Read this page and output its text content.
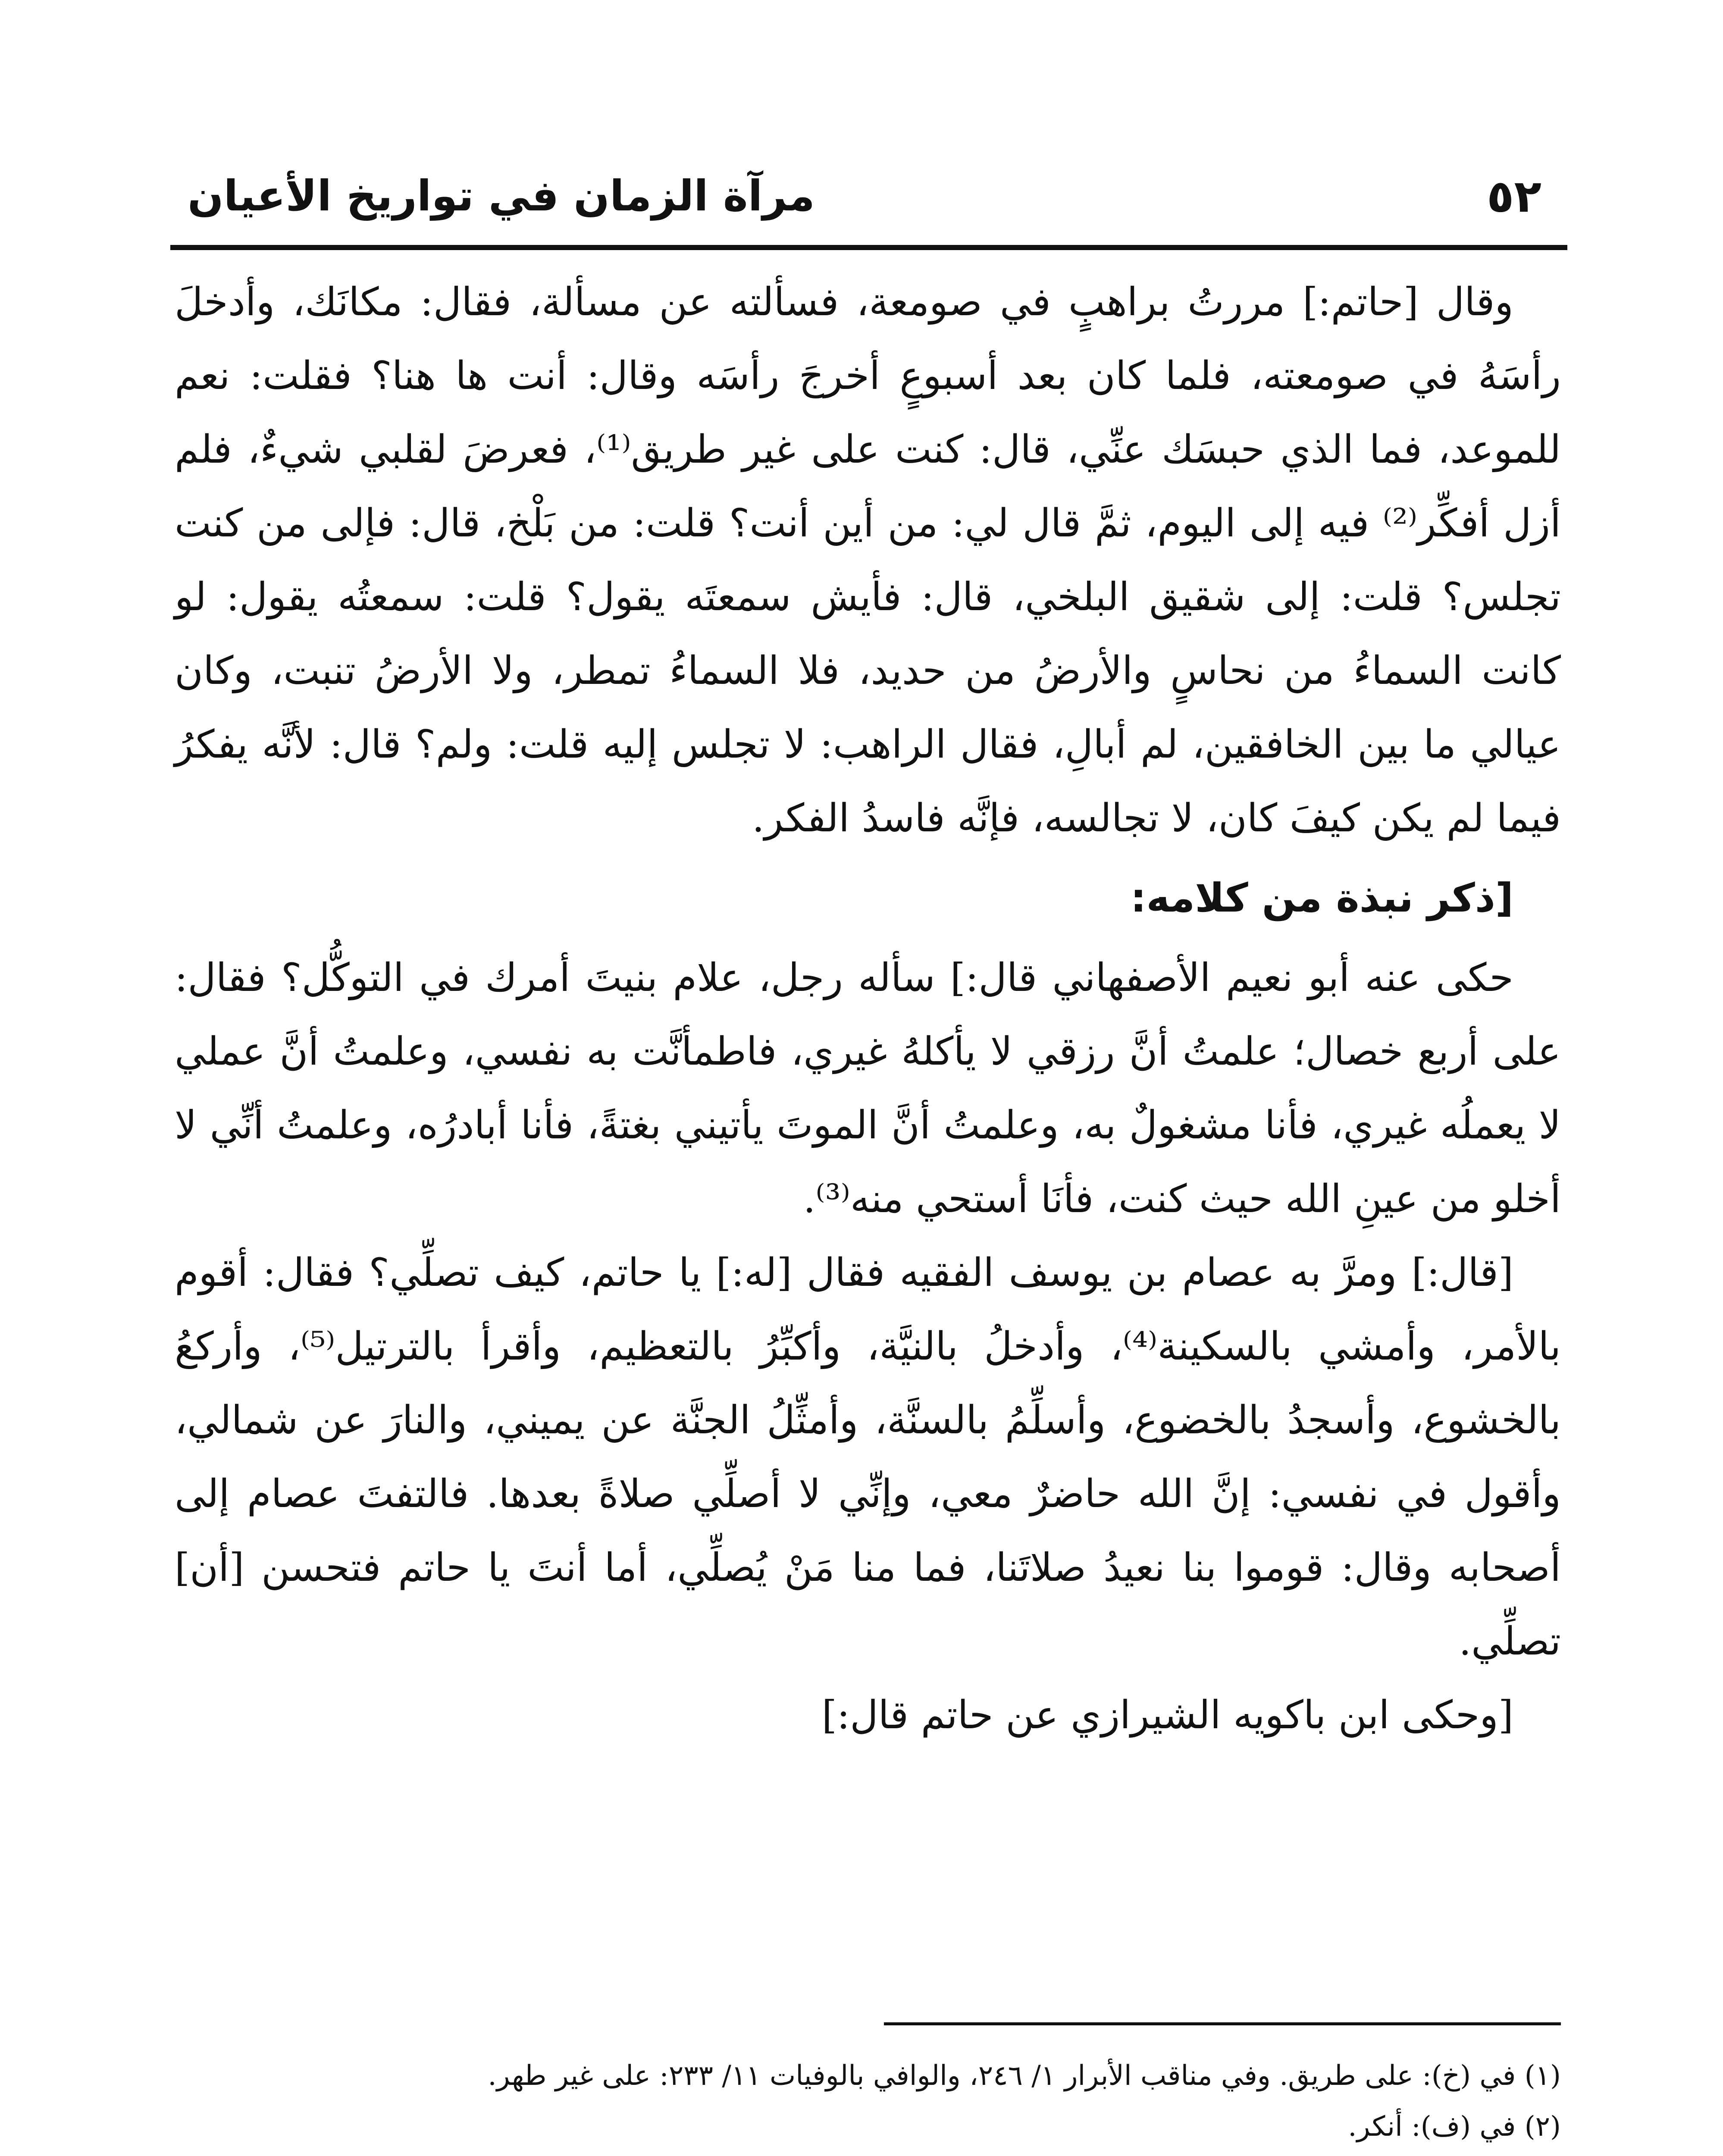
٥٢
مرآة الزمان في تواريخ الأعيان

وقال [حاتم:] مررتُ براهبٍ في صومعة، فسألته عن مسألة، فقال: مكانَك، وأدخلَ رأسَهُ في صومعته، فلما كان بعد أسبوعٍ أخرجَ رأسَه وقال: أنت ها هنا؟ فقلت: نعم للموعد، فما الذي حبسَك عنِّي، قال: كنت على غير طريق⁽¹⁾، فعرضَ لقلبي شيءٌ، فلم أزل أفكِّر⁽²⁾ فيه إلى اليوم، ثمَّ قال لي: من أين أنت؟ قلت: من بَلْخ، قال: فإلى من كنت تجلس؟ قلت: إلى شقيق البلخي، قال: فأيش سمعتَه يقول؟ قلت: سمعتُه يقول: لو كانت السماءُ من نحاسٍ والأرضُ من حديد، فلا السماءُ تمطر، ولا الأرضُ تنبت، وكان عيالي ما بين الخافقين، لم أبالِ، فقال الراهب: لا تجلس إليه قلت: ولم؟ قال: لأنَّه يفكرُ فيما لم يكن كيفَ كان، لا تجالسه، فإنَّه فاسدُ الفكر.

[ذكر نبذة من كلامه:

حكى عنه أبو نعيم الأصفهاني قال:] سأله رجل، علام بنيتَ أمرك في التوكُّل؟ فقال: على أربع خصال؛ علمتُ أنَّ رزقي لا يأكلهُ غيري، فاطمأنَّت به نفسي، وعلمتُ أنَّ عملي لا يعملُه غيري، فأنا مشغولٌ به، وعلمتُ أنَّ الموتَ يأتيني بغتةً، فأنا أبادرُه، وعلمتُ أنِّي لا أخلو من عينِ الله حيث كنت، فأنَا أستحي منه⁽³⁾.

[قال:] ومرَّ به عصام بن يوسف الفقيه فقال [له:] يا حاتم، كيف تصلِّي؟ فقال: أقوم بالأمر، وأمشي بالسكينة⁽⁴⁾، وأدخلُ بالنيَّة، وأكبِّرُ بالتعظيم، وأقرأ بالترتيل⁽⁵⁾، وأركعُ بالخشوع، وأسجدُ بالخضوع، وأسلِّمُ بالسنَّة، وأمثِّلُ الجنَّة عن يميني، والنارَ عن شمالي، وأقول في نفسي: إنَّ الله حاضرٌ معي، وإنِّي لا أصلِّي صلاةً بعدها. فالتفتَ عصام إلى أصحابه وقال: قوموا بنا نعيدُ صلاتَنا، فما منا مَنْ يُصلِّي، أما أنتَ يا حاتم فتحسن [أن] تصلِّي.

[وحكى ابن باكويه الشيرازي عن حاتم قال:]

(١) في (خ): على طريق. وفي مناقب الأبرار ١/ ٢٤٦، والوافي بالوفيات ١١/ ٢٣٣: على غير طهر.

(٢) في (ف): أنكر.
